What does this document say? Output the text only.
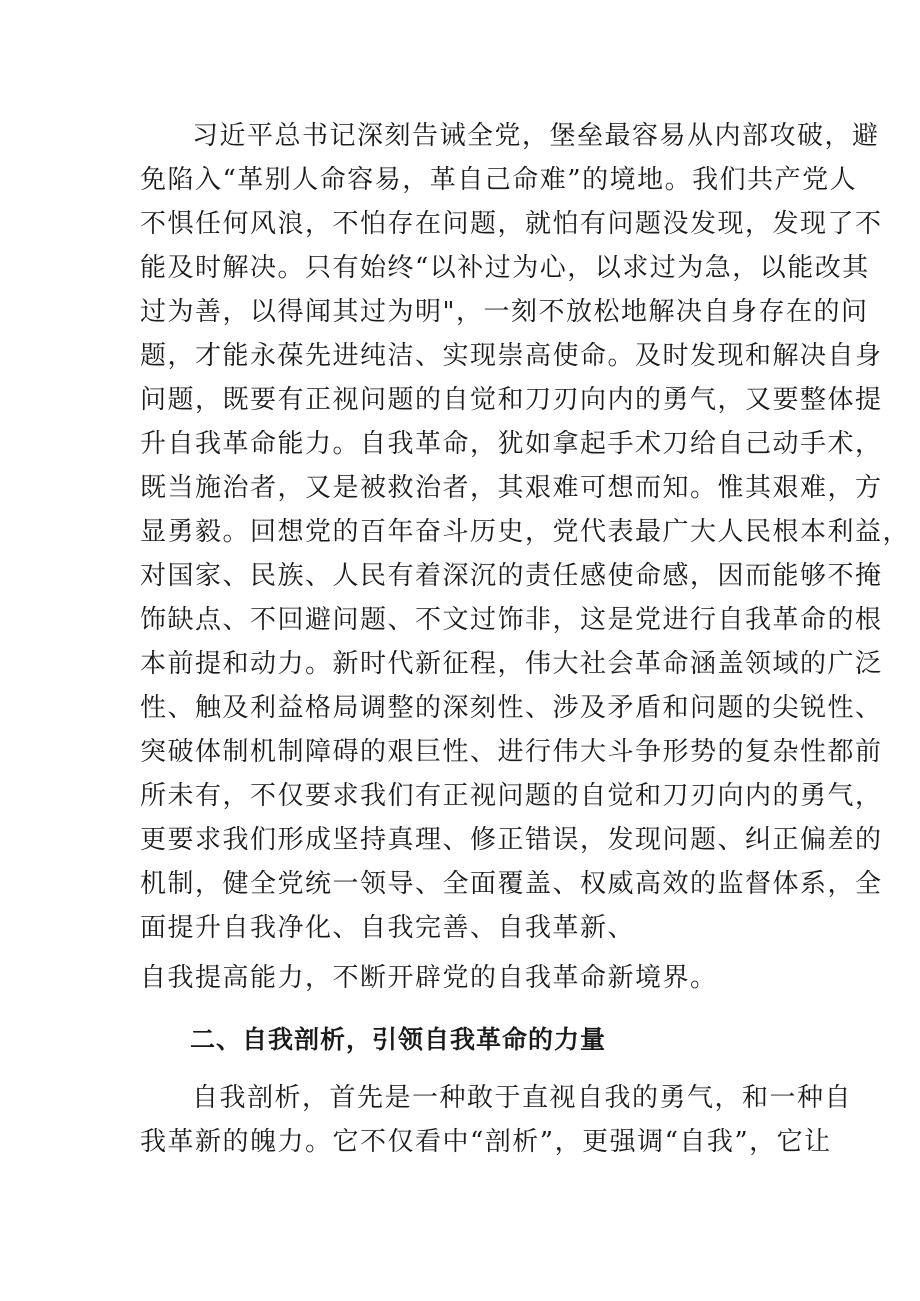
习近平总书记深刻告诫全党，堡垒最容易从内部攻破，避
免陷入“革别人命容易，革自己命难”的境地。我们共产党人
不惧任何风浪，不怕存在问题，就怕有问题没发现，发现了不
能及时解决。只有始终“以补过为心，以求过为急，以能改其
过为善，以得闻其过为明"，一刻不放松地解决自身存在的问
题，才能永葆先进纯洁、实现崇高使命。及时发现和解决自身
问题，既要有正视问题的自觉和刀刃向内的勇气，又要整体提
升自我革命能力。自我革命，犹如拿起手术刀给自己动手术，
既当施治者，又是被救治者，其艰难可想而知。惟其艰难，方
显勇毅。回想党的百年奋斗历史，党代表最广大人民根本利益，
对国家、民族、人民有着深沉的责任感使命感，因而能够不掩
饰缺点、不回避问题、不文过饰非，这是党进行自我革命的根
本前提和动力。新时代新征程，伟大社会革命涵盖领域的广泛
性、触及利益格局调整的深刻性、涉及矛盾和问题的尖锐性、
突破体制机制障碍的艰巨性、进行伟大斗争形势的复杂性都前
所未有，不仅要求我们有正视问题的自觉和刀刃向内的勇气，
更要求我们形成坚持真理、修正错误，发现问题、纠正偏差的
机制，健全党统一领导、全面覆盖、权威高效的监督体系，全
面提升自我净化、自我完善、自我革新、
自我提高能力，不断开辟党的自我革命新境界。
二、自我剖析，引领自我革命的力量
自我剖析，首先是一种敢于直视自我的勇气，和一种自
我革新的魄力。它不仅看中“剖析”，更强调“自我”，它让
